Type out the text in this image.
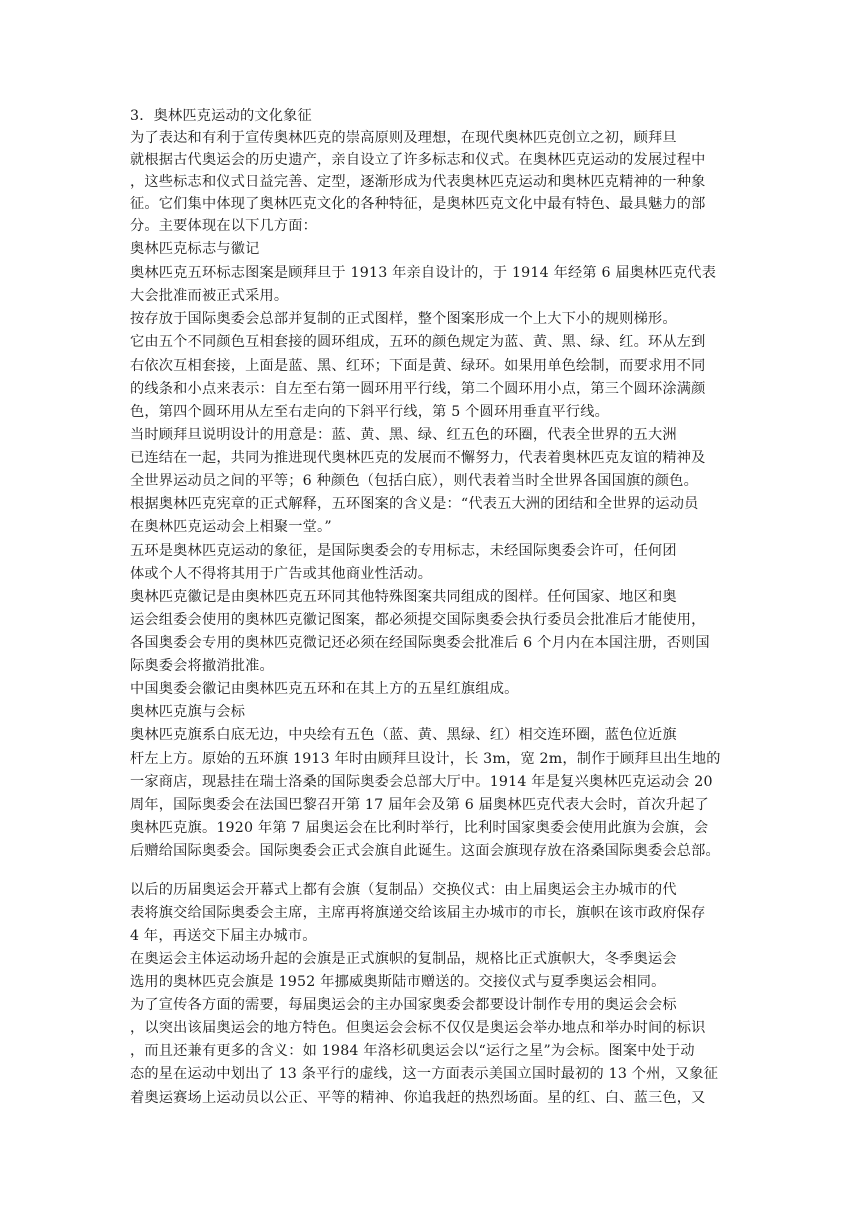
3．奥林匹克运动的文化象征

为了表达和有利于宣传奥林匹克的崇高原则及理想，在现代奥林匹克创立之初，顾拜旦

就根据古代奥运会的历史遗产，亲自设立了许多标志和仪式。在奥林匹克运动的发展过程中

，这些标志和仪式日益完善、定型，逐渐形成为代表奥林匹克运动和奥林匹克精神的一种象

征。它们集中体现了奥林匹克文化的各种特征，是奥林匹克文化中最有特色、最具魅力的部

分。主要体现在以下几方面：

奥林匹克标志与徽记

奥林匹克五环标志图案是顾拜旦于 1913 年亲自设计的，于 1914 年经第 6 届奥林匹克代表

大会批准而被正式采用。

按存放于国际奥委会总部并复制的正式图样，整个图案形成一个上大下小的规则梯形。

它由五个不同颜色互相套接的圆环组成，五环的颜色规定为蓝、黄、黑、绿、红。环从左到

右依次互相套接，上面是蓝、黑、红环；下面是黄、绿环。如果用单色绘制，而要求用不同

的线条和小点来表示：自左至右第一圆环用平行线，第二个圆环用小点，第三个圆环涂满颜

色，第四个圆环用从左至右走向的下斜平行线，第 5 个圆环用垂直平行线。

当时顾拜旦说明设计的用意是：蓝、黄、黑、绿、红五色的环圈，代表全世界的五大洲

已连结在一起，共同为推进现代奥林匹克的发展而不懈努力，代表着奥林匹克友谊的精神及

全世界运动员之间的平等；6 种颜色（包括白底），则代表着当时全世界各国国旗的颜色。

根据奥林匹克宪章的正式解释，五环图案的含义是：“代表五大洲的团结和全世界的运动员

在奥林匹克运动会上相聚一堂。”

五环是奥林匹克运动的象征，是国际奥委会的专用标志，未经国际奥委会许可，任何团

体或个人不得将其用于广告或其他商业性活动。

奥林匹克徽记是由奥林匹克五环同其他特殊图案共同组成的图样。任何国家、地区和奥

运会组委会使用的奥林匹克徽记图案，都必须提交国际奥委会执行委员会批准后才能使用，

各国奥委会专用的奥林匹克微记还必须在经国际奥委会批准后 6 个月内在本国注册，否则国

际奥委会将撤消批准。

中国奥委会徽记由奥林匹克五环和在其上方的五星红旗组成。

奥林匹克旗与会标

奥林匹克旗系白底无边，中央绘有五色（蓝、黄、黑绿、红）相交连环圈，蓝色位近旗

杆左上方。原始的五环旗 1913 年时由顾拜旦设计，长 3m，宽 2m，制作于顾拜旦出生地的

一家商店，现悬挂在瑞士洛桑的国际奥委会总部大厅中。1914 年是复兴奥林匹克运动会 20

周年，国际奥委会在法国巴黎召开第 17 届年会及第 6 届奥林匹克代表大会时，首次升起了

奥林匹克旗。1920 年第 7 届奥运会在比利时举行，比利时国家奥委会使用此旗为会旗，会

后赠给国际奥委会。国际奥委会正式会旗自此诞生。这面会旗现存放在洛桑国际奥委会总部。

以后的历届奥运会开幕式上都有会旗（复制品）交换仪式：由上届奥运会主办城市的代

表将旗交给国际奥委会主席，主席再将旗递交给该届主办城市的市长，旗帜在该市政府保存

4 年，再送交下届主办城市。

在奥运会主体运动场升起的会旗是正式旗帜的复制品，规格比正式旗帜大，冬季奥运会

选用的奥林匹克会旗是 1952 年挪威奥斯陆市赠送的。交接仪式与夏季奥运会相同。

为了宣传各方面的需要，每届奥运会的主办国家奥委会都要设计制作专用的奥运会会标

，以突出该届奥运会的地方特色。但奥运会会标不仅仅是奥运会举办地点和举办时间的标识

，而且还兼有更多的含义：如 1984 年洛杉矶奥运会以“运行之星”为会标。图案中处于动

态的星在运动中划出了 13 条平行的虚线，这一方面表示美国立国时最初的 13 个州，又象征

着奥运赛场上运动员以公正、平等的精神、你追我赶的热烈场面。星的红、白、蓝三色，又
